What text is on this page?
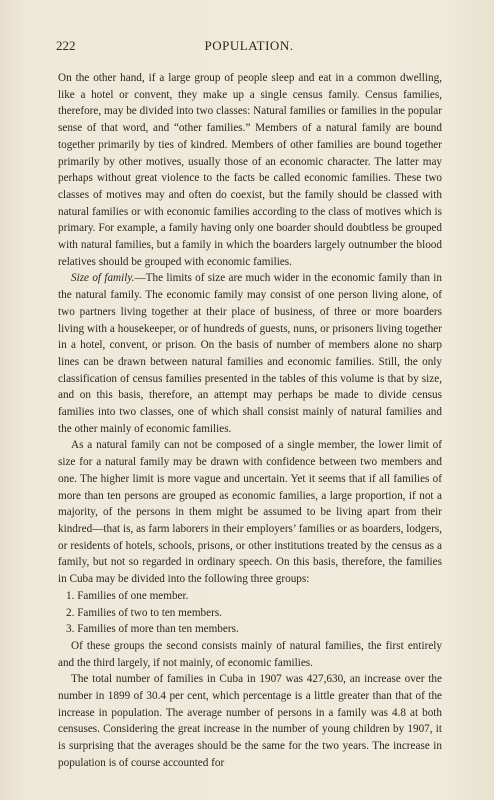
222	POPULATION.

On the other hand, if a large group of people sleep and eat in a common dwelling, like a hotel or convent, they make up a single census family. Census families, therefore, may be divided into two classes: Natural families or families in the popular sense of that word, and “other families.” Members of a natural family are bound together primarily by ties of kindred. Members of other families are bound together primarily by other motives, usually those of an economic character. The latter may perhaps without great violence to the facts be called economic families. These two classes of motives may and often do coexist, but the family should be classed with natural families or with economic families according to the class of motives which is primary. For example, a family having only one boarder should doubtless be grouped with natural families, but a family in which the boarders largely outnumber the blood relatives should be grouped with economic families.

Size of family.—The limits of size are much wider in the economic family than in the natural family. The economic family may consist of one person living alone, of two partners living together at their place of business, of three or more boarders living with a housekeeper, or of hundreds of guests, nuns, or prisoners living together in a hotel, convent, or prison. On the basis of number of members alone no sharp lines can be drawn between natural families and economic families. Still, the only classification of census families presented in the tables of this volume is that by size, and on this basis, therefore, an attempt may perhaps be made to divide census families into two classes, one of which shall consist mainly of natural families and the other mainly of economic families.

As a natural family can not be composed of a single member, the lower limit of size for a natural family may be drawn with confidence between two members and one. The higher limit is more vague and uncertain. Yet it seems that if all families of more than ten persons are grouped as economic families, a large proportion, if not a majority, of the persons in them might be assumed to be living apart from their kindred—that is, as farm laborers in their employers’ families or as boarders, lodgers, or residents of hotels, schools, prisons, or other institutions treated by the census as a family, but not so regarded in ordinary speech. On this basis, therefore, the families in Cuba may be divided into the following three groups:

1. Families of one member.

2. Families of two to ten members.

3. Families of more than ten members.

Of these groups the second consists mainly of natural families, the first entirely and the third largely, if not mainly, of economic families.

The total number of families in Cuba in 1907 was 427,630, an increase over the number in 1899 of 30.4 per cent, which percentage is a little greater than that of the increase in population. The average number of persons in a family was 4.8 at both censuses. Considering the great increase in the number of young children by 1907, it is surprising that the averages should be the same for the two years. The increase in population is of course accounted for
